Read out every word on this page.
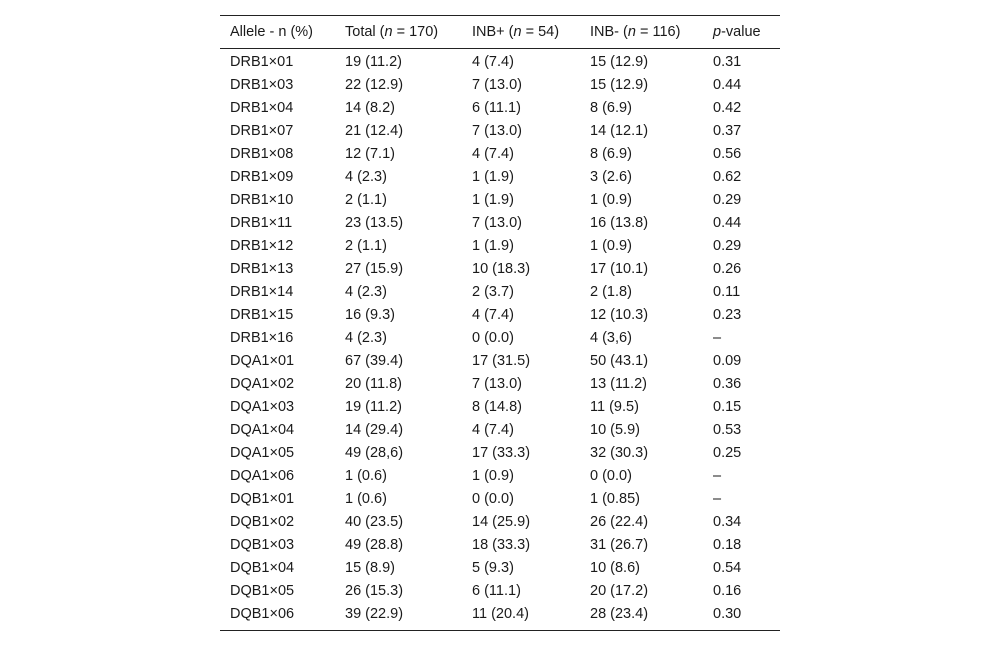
Allele - n (%)	Total (n = 170)	INB+ (n = 54)	INB- (n = 116)	p-value
DRB1×01	19 (11.2)	4 (7.4)	15 (12.9)	0.31
DRB1×03	22 (12.9)	7 (13.0)	15 (12.9)	0.44
DRB1×04	14 (8.2)	6 (11.1)	8 (6.9)	0.42
DRB1×07	21 (12.4)	7 (13.0)	14 (12.1)	0.37
DRB1×08	12 (7.1)	4 (7.4)	8 (6.9)	0.56
DRB1×09	4 (2.3)	1 (1.9)	3 (2.6)	0.62
DRB1×10	2 (1.1)	1 (1.9)	1 (0.9)	0.29
DRB1×11	23 (13.5)	7 (13.0)	16 (13.8)	0.44
DRB1×12	2 (1.1)	1 (1.9)	1 (0.9)	0.29
DRB1×13	27 (15.9)	10 (18.3)	17 (10.1)	0.26
DRB1×14	4 (2.3)	2 (3.7)	2 (1.8)	0.11
DRB1×15	16 (9.3)	4 (7.4)	12 (10.3)	0.23
DRB1×16	4 (2.3)	0 (0.0)	4 (3,6)	–
DQA1×01	67 (39.4)	17 (31.5)	50 (43.1)	0.09
DQA1×02	20 (11.8)	7 (13.0)	13 (11.2)	0.36
DQA1×03	19 (11.2)	8 (14.8)	11 (9.5)	0.15
DQA1×04	14 (29.4)	4 (7.4)	10 (5.9)	0.53
DQA1×05	49 (28,6)	17 (33.3)	32 (30.3)	0.25
DQA1×06	1 (0.6)	1 (0.9)	0 (0.0)	–
DQB1×01	1 (0.6)	0 (0.0)	1 (0.85)	–
DQB1×02	40 (23.5)	14 (25.9)	26 (22.4)	0.34
DQB1×03	49 (28.8)	18 (33.3)	31 (26.7)	0.18
DQB1×04	15 (8.9)	5 (9.3)	10 (8.6)	0.54
DQB1×05	26 (15.3)	6 (11.1)	20 (17.2)	0.16
DQB1×06	39 (22.9)	11 (20.4)	28 (23.4)	0.30
